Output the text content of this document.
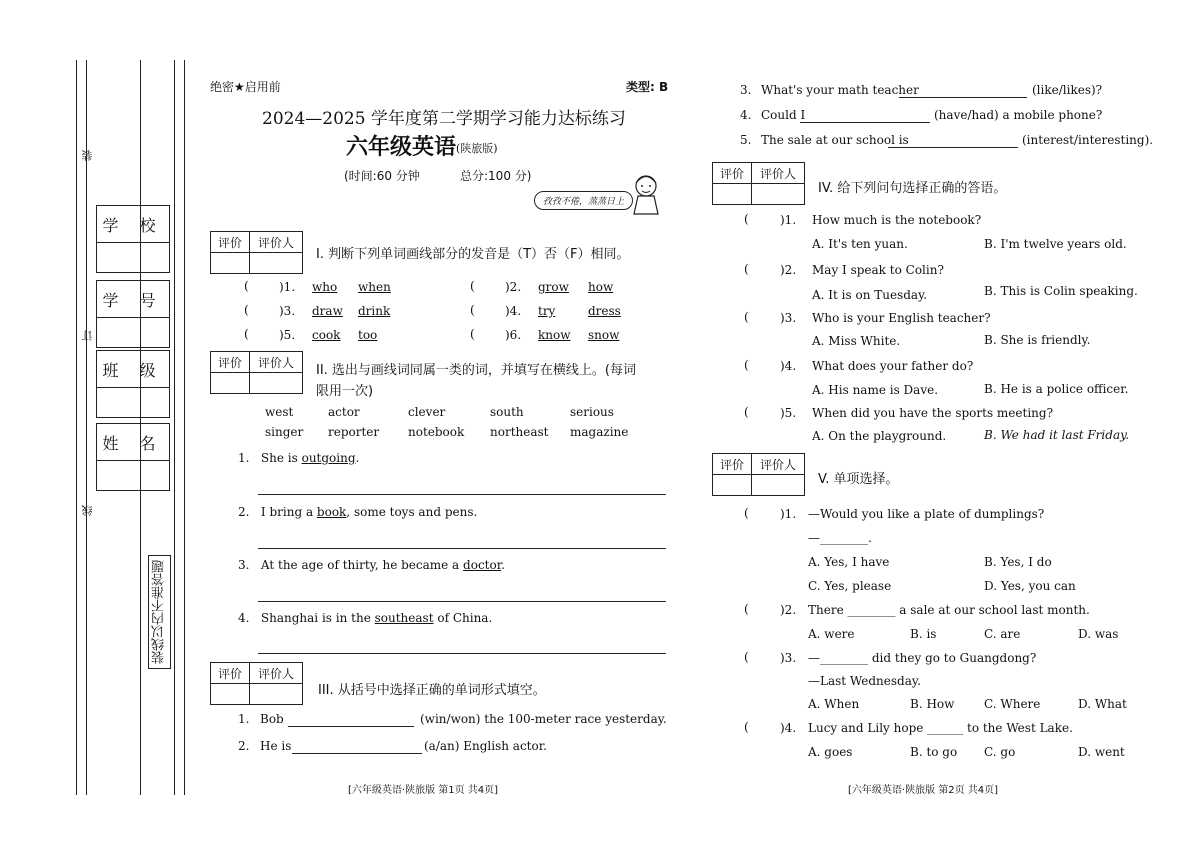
装
订
线
学 校
学 号
班 级
姓 名
装线以内不准答题
绝密★启用前	类型: B
2024—2025 学年度第二学期学习能力达标练习
六年级英语 (陕旅版)
(时间:60 分钟	总分:100 分)
孜孜不倦，蒸蒸日上
评价	评价人

I. 判断下列单词画线部分的发音是（T）否（F）相同。
(	)1. who when	(	)2. grow how
(	)3. draw drink	(	)4. try	dress
(	)5. cook too	(	)6. know snow
评价	评价人

II. 选出与画线词同属一类的词，并填写在横线上。(每词
限用一次)
west	actor	clever	south	serious
singer reporter notebook northeast magazine
1. She is outgoing.
2. I bring a book, some toys and pens.
3. At the age of thirty, he became a doctor.
4. Shanghai is in the southeast of China.
评价	评价人

III. 从括号中选择正确的单词形式填空。
1. Bob	(win/won) the 100-meter race yesterday.
2. He is	(a/an) English actor.
[六年级英语·陕旅版 第1页 共4页]
3. What's your math teacher	(like/likes)?
4. Could I	(have/had) a mobile phone?
5. The sale at our school is	(interest/interesting).
评价	评价人

IV. 给下列问句选择正确的答语。
(	)1. How much is the notebook?
A. It's ten yuan.	B. I'm twelve years old.
(	)2. May I speak to Colin?
A. It is on Tuesday.	B. This is Colin speaking.
(	)3. Who is your English teacher?
A. Miss White.	B. She is friendly.
(	)4. What does your father do?
A. His name is Dave.	B. He is a police officer.
(	)5. When did you have the sports meeting?
A. On the playground.	B. We had it last Friday.
评价	评价人

V. 单项选择。
(	)1. —Would you like a plate of dumplings?
—________.
A. Yes, I have	B. Yes, I do
C. Yes, please	D. Yes, you can
(	)2. There ________ a sale at our school last month.
A. were	B. is	C. are	D. was
(	)3. —________ did they go to Guangdong?
—Last Wednesday.
A. When	B. How C. Where	D. What
(	)4. Lucy and Lily hope ______ to the West Lake.
A. goes	B. to go C. go	D. went
[六年级英语·陕旅版 第2页 共4页]
